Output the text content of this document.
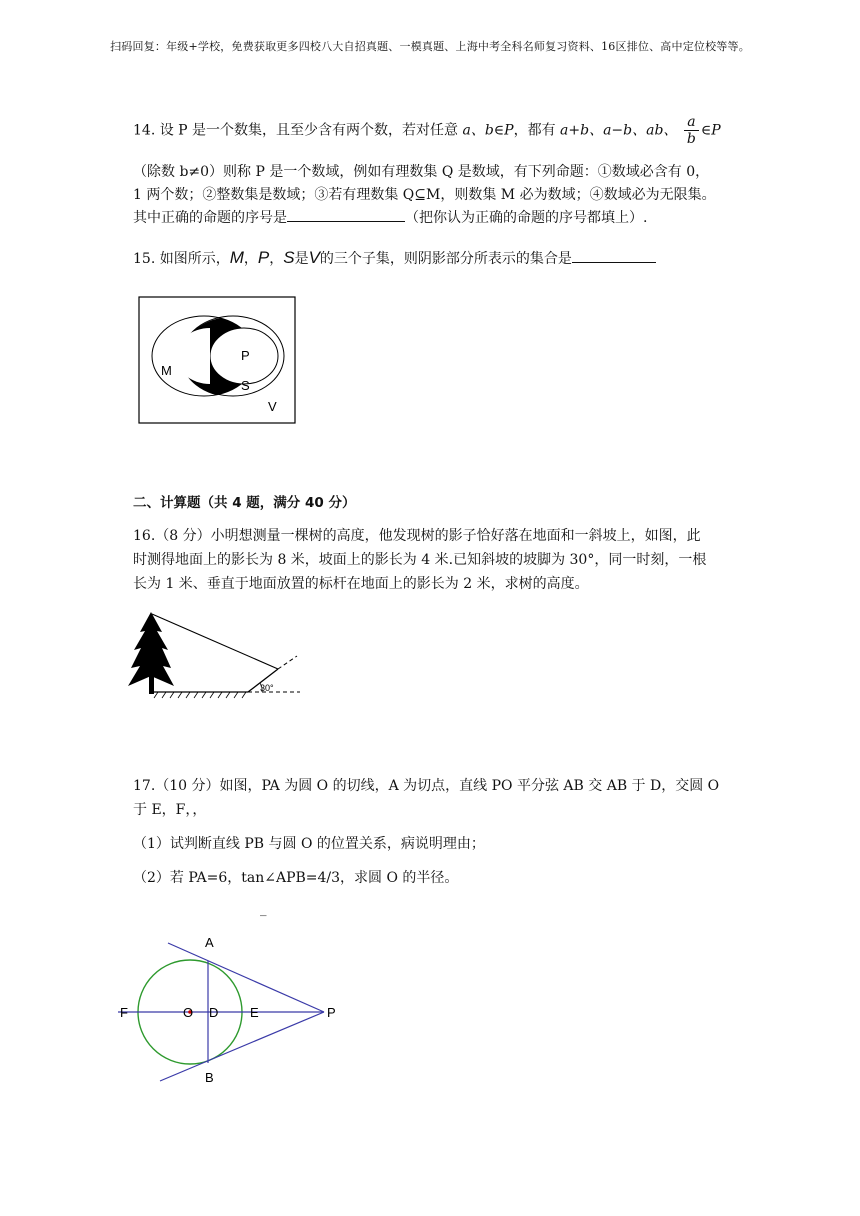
扫码回复：年级+学校，免费获取更多四校八大自招真题、一模真题、上海中考全科名师复习资料、16区排位、高中定位校等等。
14. 设 P 是一个数集，且至少含有两个数，若对任意 a、b∈P，都有 a+b、a−b、ab、 $\frac{a}{b}$ ∈P
（除数 b≠0）则称 P 是一个数域，例如有理数集 Q 是数域，有下列命题：①数域必含有 0，
1 两个数；②整数集是数域；③若有理数集 Q⊆M，则数集 M 必为数域；④数域必为无限集。
其中正确的命题的序号是	（把你认为正确的命题的序号都填上）.
15. 如图所示，M，P，S是V的三个子集，则阴影部分所表示的集合是
M
P
S
V
二、计算题（共 4 题，满分 40 分）
16.（8 分）小明想测量一棵树的高度，他发现树的影子恰好落在地面和一斜坡上，如图，此
时测得地面上的影长为 8 米，坡面上的影长为 4 米.已知斜坡的坡脚为 30°，同一时刻，一根
长为 1 米、垂直于地面放置的标杆在地面上的影长为 2 米，求树的高度。
30°
17.（10 分）如图，PA 为圆 O 的切线，A 为切点，直线 PO 平分弦 AB 交 AB 于 D，交圆 O
于 E，F，，
（1）试判断直线 PB 与圆 O 的位置关系，病说明理由；
（2）若 PA=6，tan∠APB=4/3，求圆 O 的半径。
_
A
B
F	O D E	P
